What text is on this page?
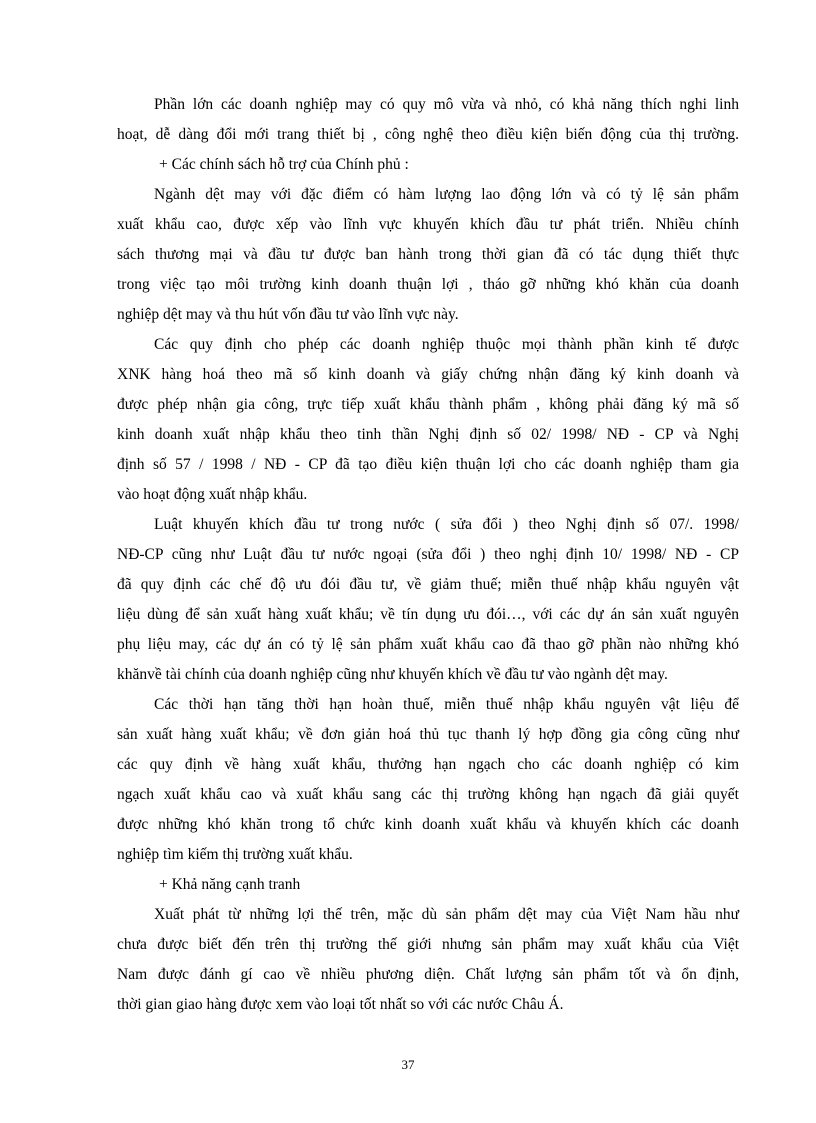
Phần lớn các doanh nghiệp may có quy mô vừa và nhỏ, có khả năng thích nghi linh
hoạt, dễ dàng đổi mới trang thiết bị , công nghệ theo điều kiện biến động của thị trường.
+ Các chính sách hỗ trợ của Chính phủ :
Ngành dệt may với đặc điểm có hàm lượng lao động lớn và có tỷ lệ sản phẩm
xuất khẩu cao, được xếp vào lĩnh vực khuyến khích đầu tư phát triển. Nhiều chính
sách thương mại và đầu tư được ban hành trong thời gian đã có tác dụng thiết thực
trong việc tạo môi trường kinh doanh thuận lợi , tháo gỡ những khó khăn của doanh
nghiệp dệt may và thu hút vốn đầu tư vào lĩnh vực này.
Các quy định cho phép các doanh nghiệp thuộc mọi thành phần kinh tế được
XNK hàng hoá theo mã số kinh doanh và giấy chứng nhận đăng ký kinh doanh và
được phép nhận gia công, trực tiếp xuất khẩu thành phẩm , không phải đăng ký mã số
kinh doanh xuất nhập khẩu theo tinh thần Nghị định số 02/ 1998/ NĐ - CP và Nghị
định số 57 / 1998 / NĐ - CP đã tạo điều kiện thuận lợi cho các doanh nghiệp tham gia
vào hoạt động xuất nhập khẩu.
Luật khuyến khích đầu tư trong nước ( sửa đổi ) theo Nghị định số 07/. 1998/
NĐ-CP cũng như Luật đầu tư nước ngoại (sửa đổi ) theo nghị định 10/ 1998/ NĐ - CP
đã quy định các chế độ ưu đói đầu tư, về giảm thuế; miễn thuế nhập khẩu nguyên vật
liệu dùng để sản xuất hàng xuất khẩu; về tín dụng ưu đói…, với các dự án sản xuất nguyên
phụ liệu may, các dự án có tỷ lệ sản phẩm xuất khẩu cao đã thao gỡ phần nào những khó
khănvề tài chính của doanh nghiệp cũng như khuyến khích về đầu tư vào ngành dệt may.
Các thời hạn tăng thời hạn hoàn thuế, miễn thuế nhập khẩu nguyên vật liệu để
sản xuất hàng xuất khẩu; về đơn giản hoá thủ tục thanh lý hợp đồng gia công cũng như
các quy định về hàng xuất khẩu, thưởng hạn ngạch cho các doanh nghiệp có kim
ngạch xuất khẩu cao và xuất khẩu sang các thị trường không hạn ngạch đã giải quyết
được những khó khăn trong tổ chức kinh doanh xuất khẩu và khuyến khích các doanh
nghiệp tìm kiếm thị trường xuất khẩu.
+ Khả năng cạnh tranh
Xuất phát từ những lợi thế trên, mặc dù sản phẩm dệt may của Việt Nam hầu như
chưa được biết đến trên thị trường thế giới nhưng sản phẩm may xuất khẩu của Việt
Nam được đánh gí cao về nhiều phương diện. Chất lượng sản phẩm tốt và ổn định,
thời gian giao hàng được xem vào loại tốt nhất so với các nước Châu Á.
37
